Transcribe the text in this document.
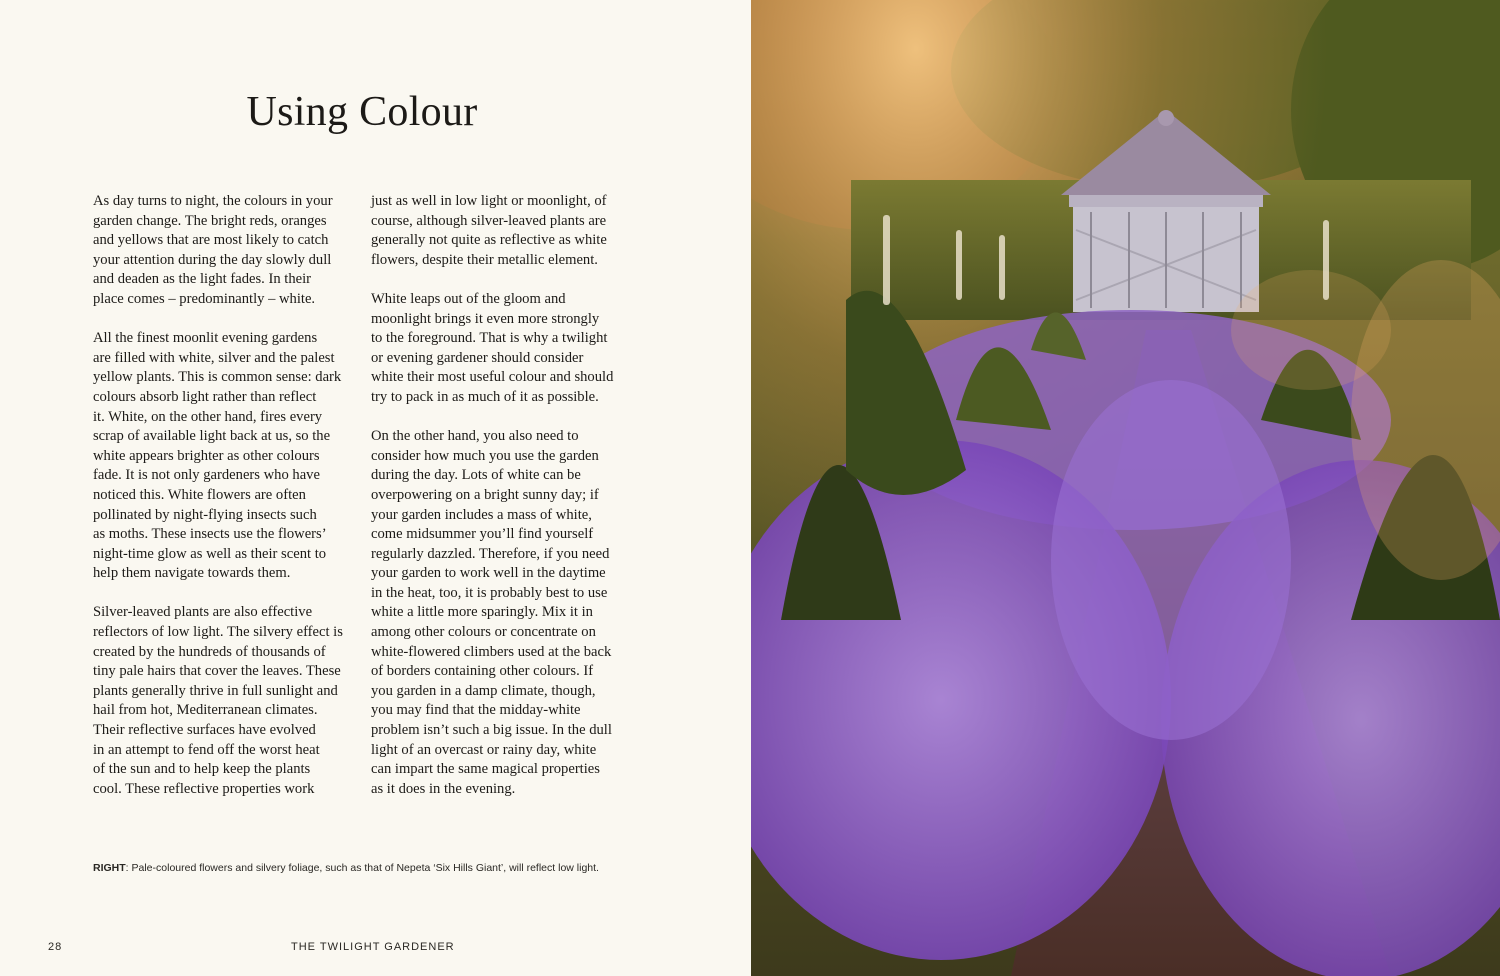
Using Colour

As day turns to night, the colours in your
garden change. The bright reds, oranges
and yellows that are most likely to catch
your attention during the day slowly dull
and deaden as the light fades. In their
place comes – predominantly – white.

All the finest moonlit evening gardens
are filled with white, silver and the palest
yellow plants. This is common sense: dark
colours absorb light rather than reflect
it. White, on the other hand, fires every
scrap of available light back at us, so the
white appears brighter as other colours
fade. It is not only gardeners who have
noticed this. White flowers are often
pollinated by night-flying insects such
as moths. These insects use the flowers’
night-time glow as well as their scent to
help them navigate towards them.

Silver-leaved plants are also effective
reflectors of low light. The silvery effect is
created by the hundreds of thousands of
tiny pale hairs that cover the leaves. These
plants generally thrive in full sunlight and
hail from hot, Mediterranean climates.
Their reflective surfaces have evolved
in an attempt to fend off the worst heat
of the sun and to help keep the plants
cool. These reflective properties work

just as well in low light or moonlight, of
course, although silver-leaved plants are
generally not quite as reflective as white
flowers, despite their metallic element.

White leaps out of the gloom and
moonlight brings it even more strongly
to the foreground. That is why a twilight
or evening gardener should consider
white their most useful colour and should
try to pack in as much of it as possible.

On the other hand, you also need to
consider how much you use the garden
during the day. Lots of white can be
overpowering on a bright sunny day; if
your garden includes a mass of white,
come midsummer you’ll find yourself
regularly dazzled. Therefore, if you need
your garden to work well in the daytime
in the heat, too, it is probably best to use
white a little more sparingly. Mix it in
among other colours or concentrate on
white-flowered climbers used at the back
of borders containing other colours. If
you garden in a damp climate, though,
you may find that the midday-white
problem isn’t such a big issue. In the dull
light of an overcast or rainy day, white
can impart the same magical properties
as it does in the evening.

RIGHT: Pale-coloured flowers and silvery foliage, such as that of Nepeta ‘Six Hills Giant’, will reflect low light.
28	THE TWILIGHT GARDENER
